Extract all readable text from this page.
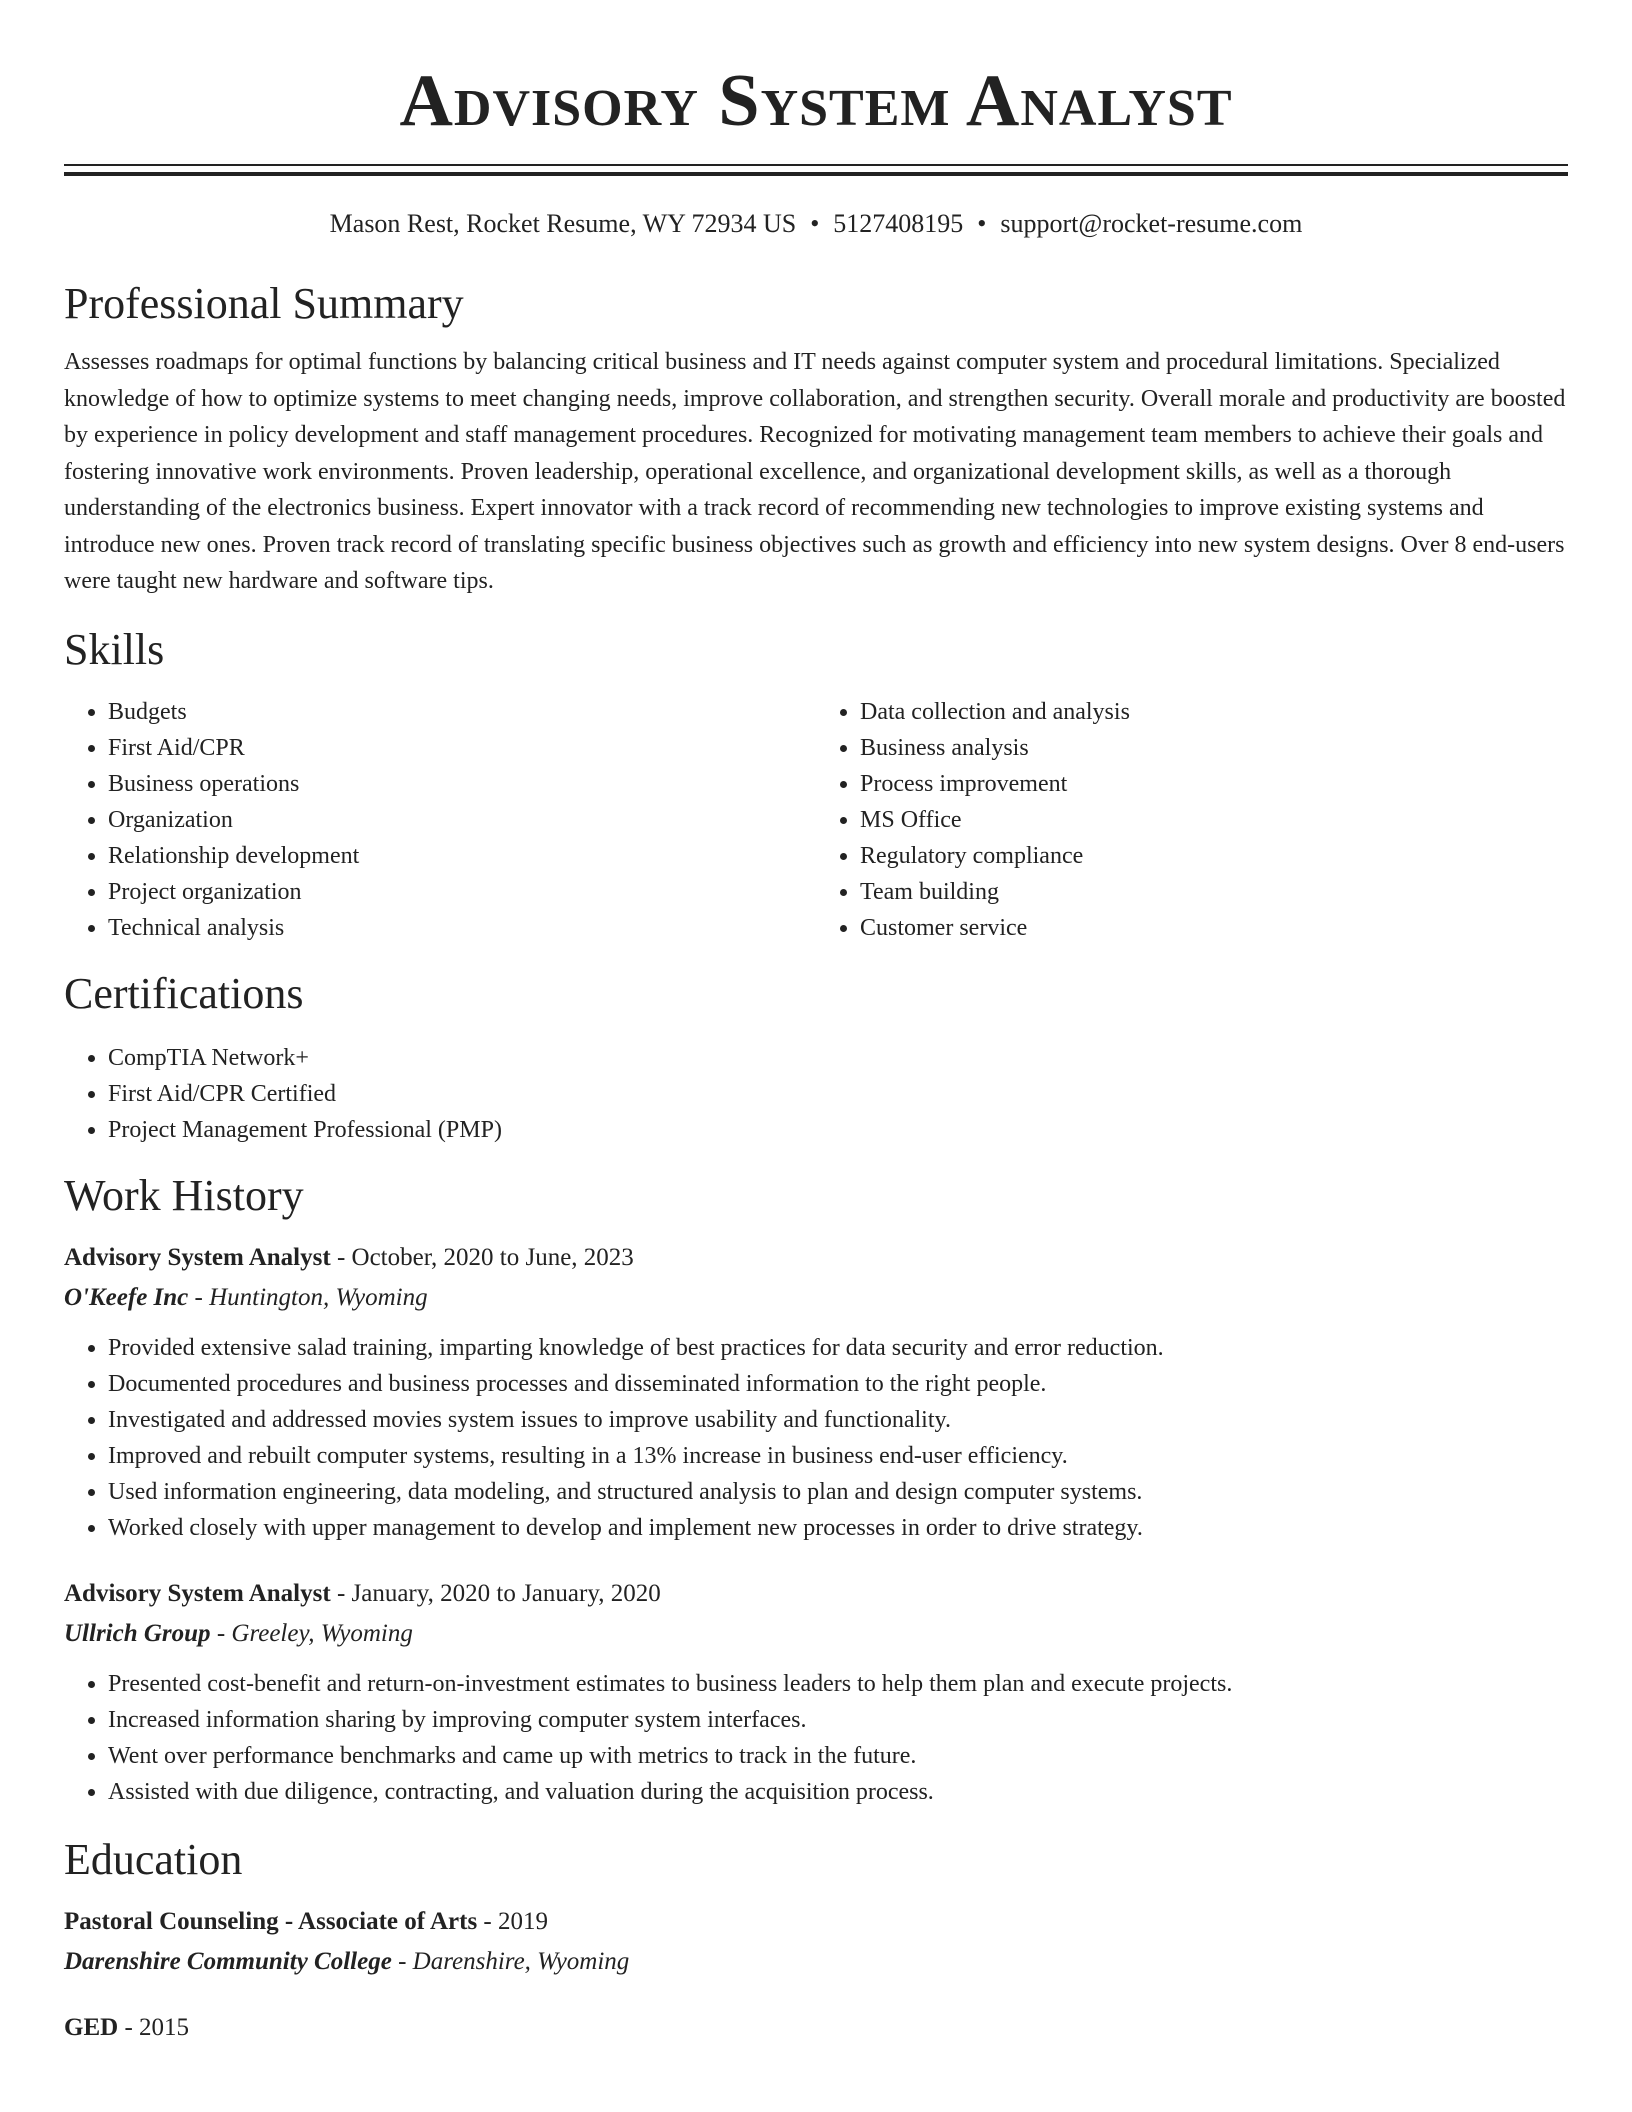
Advisory System Analyst
Mason Rest, Rocket Resume, WY 72934 US • 5127408195 • support@rocket-resume.com
Professional Summary

Assesses roadmaps for optimal functions by balancing critical business and IT needs against computer system and procedural limitations. Specialized knowledge of how to optimize systems to meet changing needs, improve collaboration, and strengthen security. Overall morale and productivity are boosted by experience in policy development and staff management procedures. Recognized for motivating management team members to achieve their goals and fostering innovative work environments. Proven leadership, operational excellence, and organizational development skills, as well as a thorough understanding of the electronics business. Expert innovator with a track record of recommending new technologies to improve existing systems and introduce new ones. Proven track record of translating specific business objectives such as growth and efficiency into new system designs. Over 8 end-users were taught new hardware and software tips.

Skills
• Budgets
• First Aid/CPR
• Business operations
• Organization
• Relationship development
• Project organization
• Technical analysis
• Data collection and analysis
• Business analysis
• Process improvement
• MS Office
• Regulatory compliance
• Team building
• Customer service
Certifications
• CompTIA Network+
• First Aid/CPR Certified
• Project Management Professional (PMP)
Work History
Advisory System Analyst - October, 2020 to June, 2023
O'Keefe Inc - Huntington, Wyoming
• Provided extensive salad training, imparting knowledge of best practices for data security and error reduction.
• Documented procedures and business processes and disseminated information to the right people.
• Investigated and addressed movies system issues to improve usability and functionality.
• Improved and rebuilt computer systems, resulting in a 13% increase in business end-user efficiency.
• Used information engineering, data modeling, and structured analysis to plan and design computer systems.
• Worked closely with upper management to develop and implement new processes in order to drive strategy.
Advisory System Analyst - January, 2020 to January, 2020
Ullrich Group - Greeley, Wyoming
• Presented cost-benefit and return-on-investment estimates to business leaders to help them plan and execute projects.
• Increased information sharing by improving computer system interfaces.
• Went over performance benchmarks and came up with metrics to track in the future.
• Assisted with due diligence, contracting, and valuation during the acquisition process.
Education
Pastoral Counseling - Associate of Arts - 2019
Darenshire Community College - Darenshire, Wyoming
GED - 2015
